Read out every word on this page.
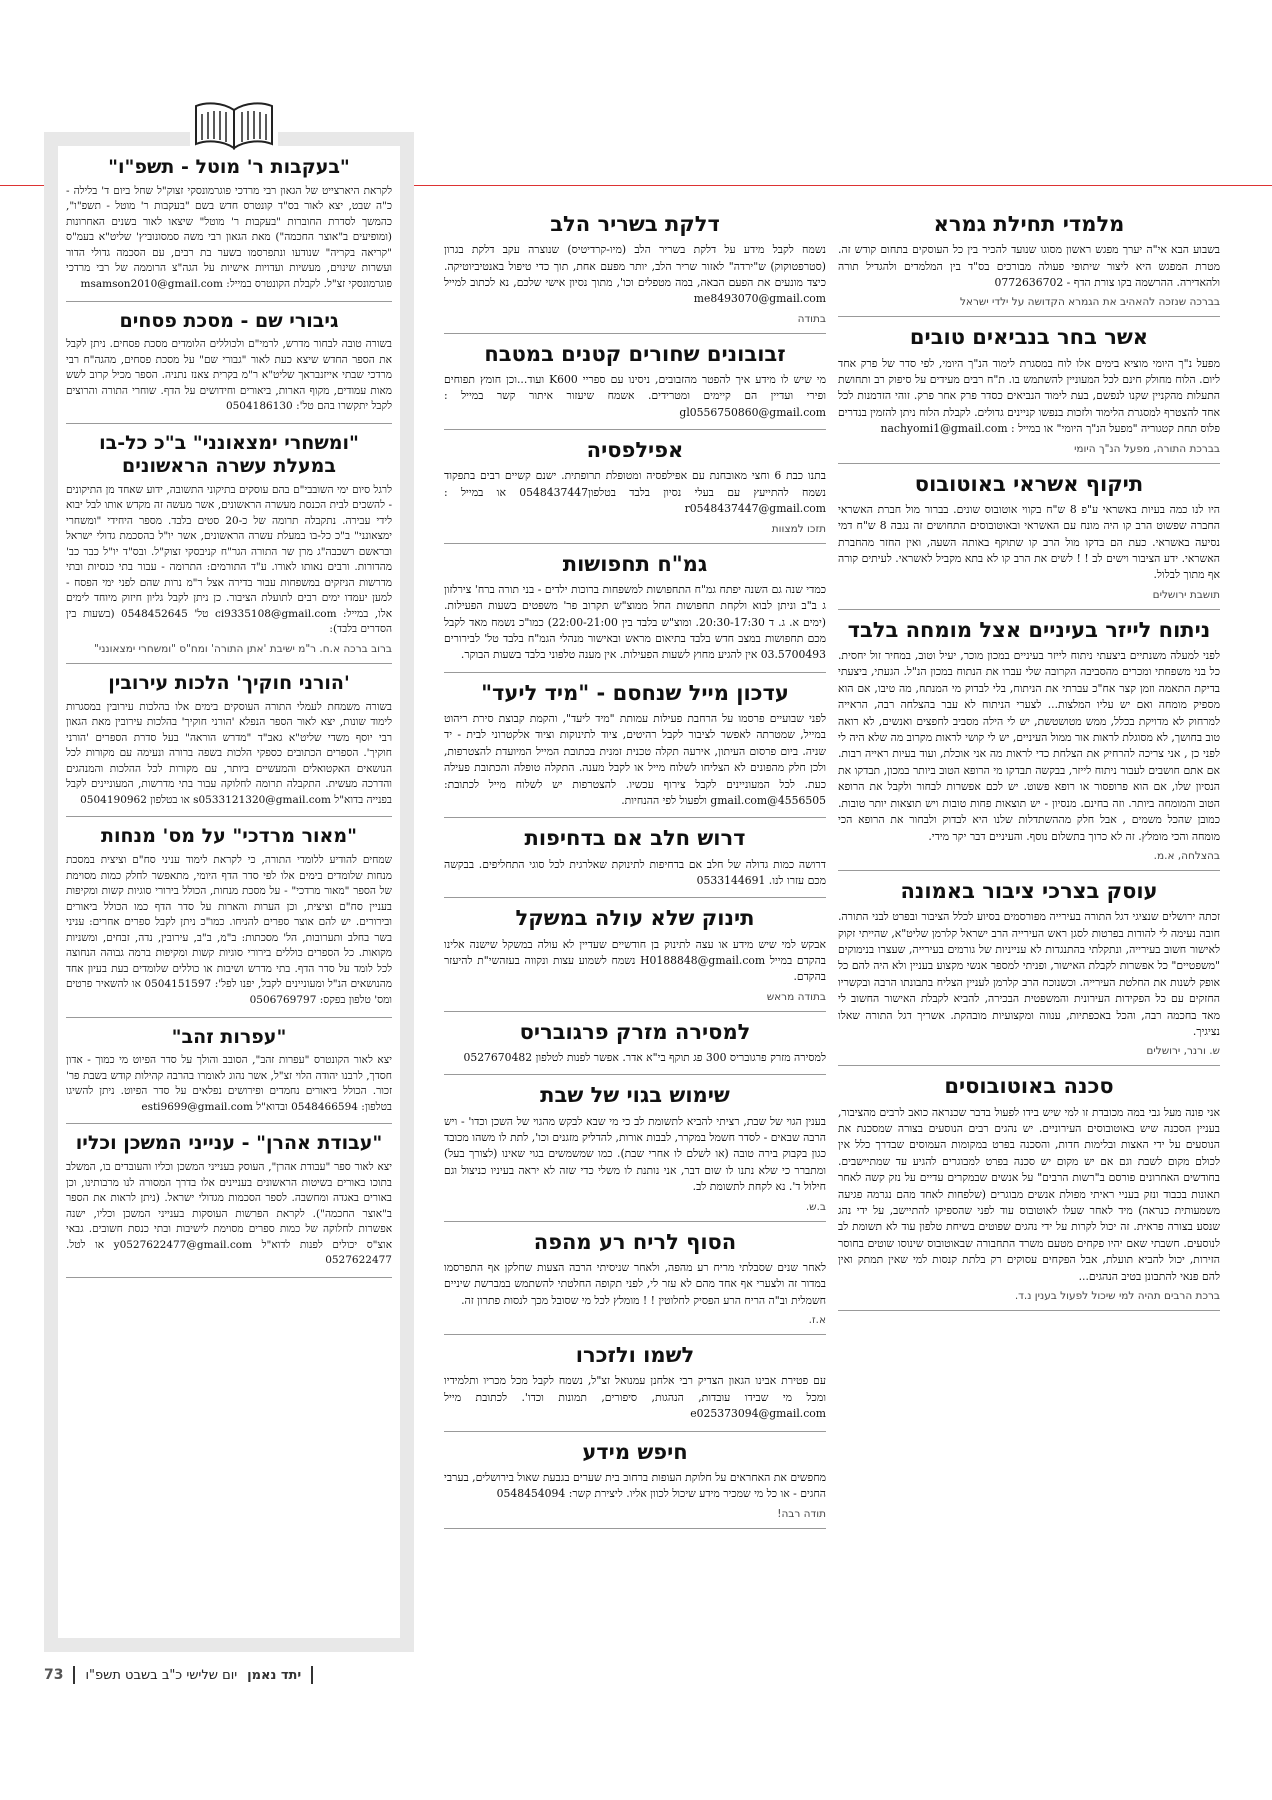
מלמדי תחילת גמרא

בשבוע הבא אי"ה יערך מפגש ראשון מסוגו שנועד להכיר בין כל העוסקים בתחום קודש זה. מטרת המפגש היא ליצור שיתופי פעולה מבורכים בס"ד בין המלמדים ולהגדיל תורה ולהאדירה. ההרשמה בקו צורת הדף - 0772636702

בברכה שנזכה להאהיב את הגמרא הקדושה על ילדי ישראל
אשר בחר בנביאים טובים

מפעל נ"ך היומי מוציא בימים אלו לוח במסגרת לימוד הנ"ך היומי, לפי סדר של פרק אחד ליום. הלוח מחולק חינם לכל המעוניין להשתמש בו. ת"ח רבים מעידים על סיפוק רב ותחושת התעלות מהקניין שקנו לנפשם, בעת לימוד הנביאים כסדר פרק אחר פרק. זוהי הזדמנות לכל אחד להצטרף למסגרת הלימוד ולזכות בנפשו קניינים גדולים. לקבלת הלוח ניתן להזמין בנדרים פלוס תחת קטגוריה "מפעל הנ"ך היומי" או במייל : nachyomi1@gmail.com

בברכת התורה, מפעל הנ"ך היומי
תיקוף אשראי באוטובוס

היו לנו כמה בעיות באשראי ע"פ 8 ש"ח בקווי אוטובוס שונים. בברור מול חברת האשראי החברה שפשוט הרב קו היה מונח עם האשראי ובאוטובוסים התחושים זה נגבה 8 ש"ח דמי נסיעה באשראי. כעת הם בדקו מול הרב קו שתוקף באותה השעה, ואין החזר מהחברת האשראי. ידע הציבור וישים לב ! ! לשים את הרב קו לא בתא מקביל לאשראי. לעיתים קורה אף מתוך לבלול.

תושבת ירושלים
ניתוח לייזר בעיניים אצל מומחה בלבד

לפני למעלה משנתיים ביצעתי ניתוח לייזר בעיניים במכון מוכר, יעיל וטוב, במחיר זול יחסית. כל בני משפחתי ומכרים מהסביבה הקרובה שלי עברו את הנתוח במכון הנ"ל. הגעתי, ביצעתי בדיקת התאמה וזמן קצר אח"כ עברתי את הניתוח, בלי לבדוק מי המנתח, מה טיבו, אם הוא מספיק מומחה ואם יש עליו המלצות... לצערי הניתוח לא עבר בהצלחה רבה, הראייה למרחוק לא מדויקת בכלל, ממש מטושטשת, יש לי הילה מסביב לחפצים ואנשים, לא רואה טוב בחושך, לא מסוגלת לראות אור ממול העיניים, יש לי קושי לראות מקרוב מה שלא היה לי לפני כן , אני צריכה להרחיק את הצלחת כדי לראות מה אני אוכלת, ועוד בעיות ראייה רבות. אם אתם חושבים לעבור ניתוח לייזר, בבקשה תבדקו מי הרופא הטוב ביותר במכון, תבדקו את הנסיון שלו, אם הוא פרופסור או רופא פשוט. יש לכם אפשרות לבחור ולקבל את הרופא הטוב והמומחה ביותר. וזה בחינם. מנסיון - יש תוצאות פחות טובות ויש תוצאות יותר טובות. כמובן שהכל משמים , אבל חלק מההשתדלות שלנו היא לבדוק ולבחור את הרופא הכי מומחה והכי מומלץ. זה לא כרוך בתשלום נוסף. והעיניים דבר יקר מידי.

בהצלחה, א.מ.
עוסק בצרכי ציבור באמונה

זכתה ירושלים שנציגי דגל התורה בעירייה מפורסמים בסיוע לכלל הציבור ובפרט לבני התורה. חובה נעימה לי להודות בפרטות לסגן ראש העירייה הרב ישראל קלרמן שליט"א, שהייתי זקוק לאישור חשוב בעירייה, ונתקלתי בהתנגדות לא ענייניות של גורמים בעירייה, שעצרו בנימוקים "משפטיים" כל אפשרות לקבלת האישור, ופניתי למספר אנשי מקצוע בעניין ולא היה להם כל אופק לשנות את החלטת העירייה. וכשנוכח הרב קלרמן לעניין הצליח בתבונתו הרבה ובקשריו החזקים עם כל הפקידות העירונית והמשפטית הבכירה, להביא לקבלת האישור החשוב לי מאד בחכמה רבה, והכל באכפתיות, ענווה ומקצועיות מובהקת. אשריך דגל התורה שאלו נציגיך.

ש. ורנר, ירושלים
סכנה באוטובוסים

אני פונה מעל גבי במה מכובדת זו למי שיש בידו לפעול בדבר שכנראה כואב לרבים מהציבור, בעניין הסכנה שיש באוטובוסים העירוניים. יש נהגים רבים הנוסעים בצורה שמסכנת את הנוסעים על ידי האצות ובלימות חדות, והסכנה בפרט במקומות העמוסים שבדרך כלל אין לכולם מקום לשבת וגם אם יש מקום יש סכנה בפרט למבוגרים להגיע עד שמתיישבים. בחודשים האחרונים פורסם ב"רשות הרבים" על אנשים שבמקרים עדיים על נזק קשה לאחר תאונות בכבוד ונזק בעניי ראיתי מפולת אנשים מבוגרים (שלפחות לאחד מהם נגרמה פגיעה משמעותית כנראה) מיד לאחר שעלו לאוטובוס עוד לפני שהספיקו להתיישב, על ידי נהג שנסע בצורה פראית. זה יכול לקרות על ידי נהגים שפוטים בשיחת טלפון עוד לא תשומת לב לנוסעים. חשבתי שאם יהיו פקחים מטעם משרד התחבורה שבאוטובוס שינוסו שוטים בחוסר הזירות, יכול להביא תועלת, אבל הפקחים עסוקים רק בלתת קנסות למי שאין תמתק ואין להם פנאי להתבונן בטיב הנהגים...

ברכת הרבים תהיה למי שיכול לפעול בענין נ.ד.
דלקת בשריר הלב

נשמח לקבל מידע על דלקת בשריר הלב (מיו-קרדיטיס) שנוצרה עקב דלקת בגרון (סטרפטוקוק) ש"ירדה" לאזור שריר הלב, יותר מפעם אחת, תוך כדי טיפול באנטיביוטיקה. כיצד מונעים את הפעם הבאה, במה מטפלים וכו', מתוך נסיון אישי שלכם, נא לכתוב למייל me8493070@gmail.com

בתודה
זבובונים שחורים קטנים במטבח

מי שיש לו מידע איך להפטר מהזבובים, ניסינו עם ספריי K600 ועוד...וכן חומץ תפוחים ופירי ועדיין הם קיימים ומטרידים. אשמח שיעזור איתור קשר במייל : gl0556750860@gmail.com

אפילפסיה

בתנו כבת 6 וחצי מאובחנת עם אפילפסיה ומטופלת תרופתית. ישנם קשיים רבים בתפקוד נשמח להתייעץ עם בעלי נסיון בלבד בטלפון0548437447 או במייל : r0548437447@gmail.com

תזכו למצוות
גמ"ח תחפושות

כמדי שנה גם השנה יפתח גמ"ח התחפושות למשפחות ברוכות ילדים - בני תורה ברח' צירלזון ג ב"ב וניתן לבוא ולקחת תחפושות החל ממוצ"ש תקרוב פר' משפטים בשעות הפעילות. (ימים א. ג. ד 20:30-17:30. ומוצ"ש בלבד בין 22:00-21:00) כמו"כ נשמח מאד לקבל מכם תחפושות במצב חדש בלבד בתיאום מראש ובאישור מנהלי הגמ"ח בלבד טל' לבירורים 03.5700493 אין להגיע מחוץ לשעות הפעילות. אין מענה טלפוני בלבד בשעות הבוקר.

עדכון מייל שנחסם - "מיד ליעד"

לפני שבועיים פרסמו על הרחבת פעילות עמותת "מיד ליעד", והקמת קבוצת סירת ריהוט במייל, שמטרתה לאפשר לציבור לקבל רהיטים, ציוד לתינוקות וציוד אלקטרוני לבית - יד שניה. ביום פרסום העיתון, אירעה תקלה טכנית זמנית בכתובת המייל המיועדת להצטרפות, ולכן חלק מהפונים לא הצליחו לשלוח מייל או לקבל מענה. התקלה טופלה והכתובת פעילה כעת. לכל המעוניינים לקבל צירוף עכשיו. להצטרפות יש לשלוח מייל לכתובת: 4556505@gmail.com ולפעול לפי ההנחיות.

דרוש חלב אם בדחיפות

דרושה כמות גדולה של חלב אם בדחיפות לתינוקת שאלרגית לכל סוגי התחליפים. בבקשה מכם עזרו לנו. 0533144691

תינוק שלא עולה במשקל

אבקש למי שיש מידע או עצה לתינוק בן חודשיים שעדיין לא עולה במשקל שישנה אלינו בהקדם במייל H0188848@gmail.com נשמח לשמוע עצות ונקווה בעזהשי"ת להיעזר בהקדם.

בתודה מראש
למסירה מזרק פרגובריס

למסירה מזרק פרגובריס 300 פג תוקף בי"א אדר. אפשר לפנות לטלפון 0527670482

שימוש בגוי של שבת

בענין הגוי של שבת, רציתי להביא לתשומת לב כי מי שבא לבקש מהגוי של השכן וכדו' - ויש הרבה שבאים - לסדר חשמל במקרר, לבבות אורות, להדליק מזגנים וכו', לתת לו משהו מכובד כגון בקבוק בירה טובה (או לשלם לו אחרי שבת). כמו שמשמשים בגוי שאינו (לצורך בעל) ומתברר כי שלא נתנו לו שום דבר, אני נותנת לו משלי כדי שזה לא יראה בעיניו כניצול וגם חילול ד'. נא לקחת לתשומת לב.

ב.ש.
הסוף לריח רע מהפה

לאחר שנים שסבלתי מריח רע מהפה, ולאחר שניסיתי הרבה הצעות שחלקן אף התפרסמו במדור זה ולצערי אף אחד מהם לא עזר לי, לפני תקופה החלטתי להשתמש במברשת שיניים חשמלית וב"ה הריח הרע הפסיק לחלוטין ! ! מומלץ לכל מי שסובל מכך לנסות פתרון זה.

א.ז.
לשמו ולזכרו

עם פטירת אבינו הגאון הצדיק רבי אלחנן עמנואל זצ"ל, נשמח לקבל מכל מכריו ותלמידיו ומכל מי שבידו עובדות, הנהגות, סיפורים, תמונות וכדו'. לכתובת מייל e025373094@gmail.com

חיפש מידע

מחפשים את האחראים על חלוקת העופות ברחוב בית שערים בגבעת שאול בירושלים, בערבי החגים - או כל מי שמכיר מידע שיכול לכוון אליו. ליצירת קשר: 0548454094

תודה רבה!
"בעקבות ר' מוטל - תשפ"ו"

לקראת היארצייט של הגאון רבי מרדכי פוגרמונסקי זצוק"ל שחל ביום ד' בלילה - כ"ה שבט, יצא לאור בס"ד קונטרס חדש בשם "בעקבות ר' מוטל - תשפ"ו", כהמשך לסדרת החוברות "בעקבות ר' מוטל" שיצאו לאור בשנים האחרונות (ומופיעים ב"אוצר החכמה") מאת הגאון רבי משה סמסונוביץ' שליט"א בעמ"ס "קריאה בקריה" שנודעו ונתפרסמו בשער בת רבים, עם הסכמה גדולי הדור ועשרות שינוים, מעשיות ועדויות אישיות על הגה"צ הרוממה של רבי מרדכי פוגרמונסקי זצ"ל. לקבלת הקונטרס במייל: msamson2010@gmail.com

גיבורי שם - מסכת פסחים

בשורה טובה לבחור מדרש, לרמי"ם ולכוללים הלומדים מסכת פסחים. ניתן לקבל את הספר החדש שיצא כעת לאור "גבורי שם" על מסכת פסחים, מהגה"ח רבי מרדכי שבתי אייזנבראך שליט"א ר"מ בקרית צאנז נתניה. הספר מכיל קרוב לשש מאות עמודים, מקוף הארות, ביאורים וחידושים על הדף. שוחרי התורה והרוצים לקבל יתקשרו בהם טל': 0504186130

"ומשחרי ימצאונני" ב"כ כל-בו במעלת עשרה הראשונים

לרגל סיום ימי השובבי"ם בהם עוסקים בתיקוני התשובה, ידוע שאחד מן התיקונים - להשכים לבית הכנסת מעשרה הראשונים, אשר מעשה זה מקדש אותו לבל יבוא לידי עבירה. נתקבלה תרומה של כ-20 סטים בלבד. מספר היחידי "ומשחרי ימצאונני" ב"כ כל-בו במעלת עשרה הראשונים, אשר יו"ל בהסכמת גדולי ישראל ובראשם רשכבה"ג מרן שר התורה הגר"ח קניבסקי זצוק"ל. ובס"ד יו"ל כבר כב' מהדורות. ורבים נאותו לאורו. ע"ד התורמים: התרומה - עבור בתי כנסיות ובתי מדרשות הניזקים במשפחות עבור בדירה אצל ר"מ נרות שהם לפני ימי הפסח - למען יעמדו ימים רבים לתועלת הציבור. כן ניתן לקבל גליון חיזוק מיוחד לימים אלו, במייל: ci9335108@gmail.com טל' 0548452645 (בשעות בין הסדרים בלבד):

ברוב ברכה א.ח. ר"מ ישיבת 'אתן התורה' ומח"ס "ומשחרי ימצאונני"
'הורני חוקיך' הלכות עירובין

בשורה משמחת לעמלי התורה העוסקים בימים אלו בהלכות עירובין במסגרות לימוד שונות, יצא לאור הספר הנפלא 'הורני חוקיך' בהלכות עירובין מאת הגאון רבי יוסף משדי שליט"א גאב"ד "מדרש הוראה" בעל סדרת הספרים 'הורני חוקיך'. הספרים הכתובים כספקי הלכות בשפה ברורה ונעימה עם מקורות לכל הנושאים האקטואלים והמעשיים ביותר, עם מקורות לכל ההלכות והמנהגים והדרכה מעשית. התקבלה תרומה לחלוקה עבור בתי מדרשות, המעוניינים לקבל בפנייה בדוא"ל s0533121320@gmail.com או בטלפון 0504190962

"מאור מרדכי" על מס' מנחות

שמחים להודיע ללומדי התורה, כי לקראת לימוד עניני סח"ם וציצית במסכת מנחות שלומדים בימים אלו לפי סדר הדף היומי, מתאפשר לחלק כמות מסוימת של הספר "מאור מרדכי" - על מסכת מנחות, הכולל בירורי סוגיות קשות ומקיפות בעניין סח"ם וציצית, וכן הערות והארות על סדר הדף כמו הכולל ביאורים ובירורים. יש להם אוצר ספרים להניחו. כמו"כ ניתן לקבל ספרים אחרים: עניני בשר בחלב ותערובות, הל' מסכתות: ב"מ, ב"ב, עירובין, נדה, זבחים, ומשניות מקואות. כל הספרים כוללים בירורי סוגיות קשות ומקיפות ברמה גבוהה הנחוצה לכל לומד על סדר הדף. בתי מדרש ושיבות או כוללים שלומדים בעת בעיון אחד מהנושאים הנ"ל ומעוניינים לקבל, יפנו לפל': 0504151597 או להשאיר פרטים ומס' טלפון בפקס: 0506769797

"עפרות זהב"

יצא לאור הקונטרס "עפרות זהב", הסובב והולך על סדר הפיוט מי כמוך - אדון חסדך, לרבנו יהודה הלוי זצ"ל, אשר נהוג לאומרו בהרבה קהילות קודש בשבת פר' זכור. הכולל ביאורים נחמדים ופירושים נפלאים על סדר הפיוט. ניתן להשיגו בטלפון: 0548466594 ובדוא"ל esti9699@gmail.com

"עבודת אהרן" - ענייני המשכן וכליו

יצא לאור ספר "עבודת אהרן", העוסק בענייני המשכן וכליו והעובדים בו, המשלב בתוכו באורים בשיטות הראשונים בעניינים אלו בדרך המסורה לנו מרבותינו, וכן באורים באגדה ומחשבה. לספר הסכמות מגדולי ישראל. (ניתן לראות את הספר ב"אוצר החכמה"). לקראת הפרשות העוסקות בענייני המשכן וכליו, ישנה אפשרות לחלוקה של כמות ספרים מסוימת לישיבות ובתי כנסת חשובים. גבאי אוצ"ס יכולים לפנות לדוא"ל y0527622477@gmail.com או לטל. 0527622477

יתד נאמן
יום שלישי כ"ב בשבט תשפ"ו
73
